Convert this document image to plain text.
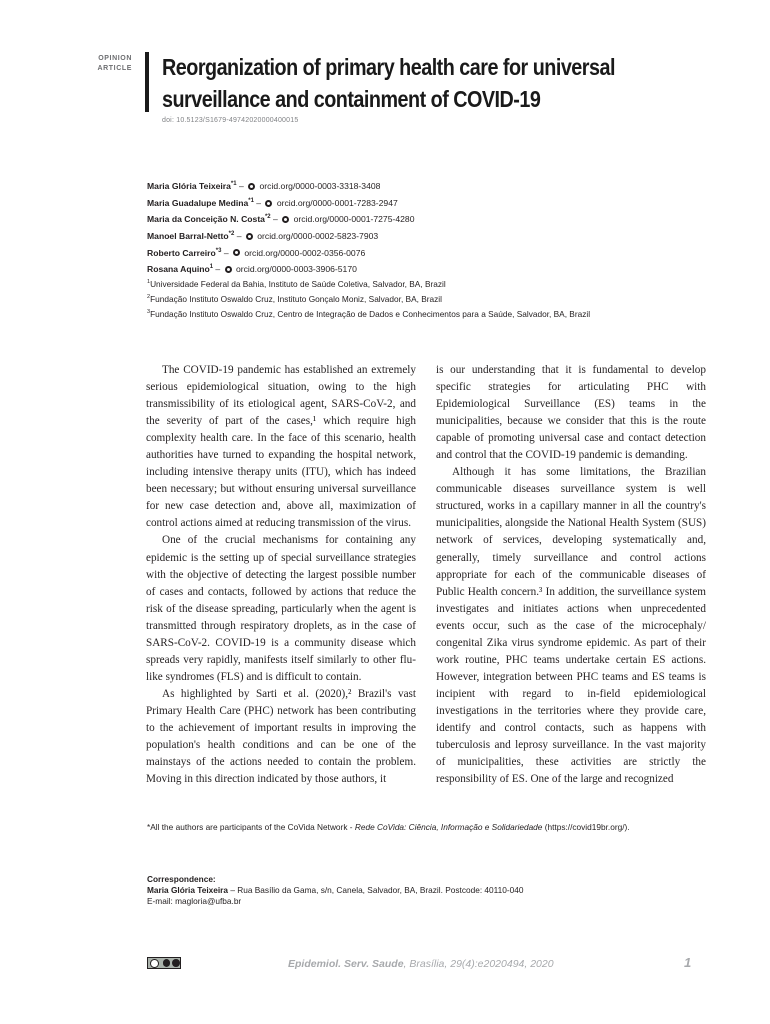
OPINION
ARTICLE Reorganization of primary health care for universal
surveillance and containment of COVID-19
doi: 10.5123/S1679-49742020000400015
Maria Glória Teixeira$^{*1}$ –  orcid.org/0000-0003-3318-3408
Maria Guadalupe Medina$^{*1}$ –  orcid.org/0000-0001-7283-2947
Maria da Conceição N. Costa$^{*2}$ –  orcid.org/0000-0001-7275-4280
Manoel Barral-Netto$^{*2}$ –  orcid.org/0000-0002-5823-7903
Roberto Carreiro$^{*3}$ –  orcid.org/0000-0002-0356-0076
Rosana Aquino$^1$ –  orcid.org/0000-0003-3906-5170
$^1$Universidade Federal da Bahia, Instituto de Saúde Coletiva, Salvador, BA, Brazil
$^2$Fundação Instituto Oswaldo Cruz, Instituto Gonçalo Moniz, Salvador, BA, Brazil
$^3$Fundação Instituto Oswaldo Cruz, Centro de Integração de Dados e Conhecimentos para a Saúde, Salvador, BA, Brazil

The COVID-19 pandemic has established an extremely serious epidemiological situation, owing to the high transmissibility of its etiological agent, SARS-CoV-2, and the severity of part of the cases,¹ which require high complexity health care. In the face of this scenario, health authorities have turned to expanding the hospital network, including intensive therapy units (ITU), which has indeed been necessary; but without ensuring universal surveillance for new case detection and, above all, maximization of control actions aimed at reducing transmission of the virus.

One of the crucial mechanisms for containing any epidemic is the setting up of special surveillance strategies with the objective of detecting the largest possible number of cases and contacts, followed by actions that reduce the risk of the disease spreading, particularly when the agent is transmitted through respiratory droplets, as in the case of SARS-CoV-2. COVID-19 is a community disease which spreads very rapidly, manifests itself similarly to other flu-like syndromes (FLS) and is difficult to contain.

As highlighted by Sarti et al. (2020),² Brazil's vast Primary Health Care (PHC) network has been contributing to the achievement of important results in improving the population's health conditions and can be one of the mainstays of the actions needed to contain the problem. Moving in this direction indicated by those authors, it

is our understanding that it is fundamental to develop specific strategies for articulating PHC with Epidemiological Surveillance (ES) teams in the municipalities, because we consider that this is the route capable of promoting universal case and contact detection and control that the COVID-19 pandemic is demanding.

Although it has some limitations, the Brazilian communicable diseases surveillance system is well structured, works in a capillary manner in all the country's municipalities, alongside the National Health System (SUS) network of services, developing systematically and, generally, timely surveillance and control actions appropriate for each of the communicable diseases of Public Health concern.³ In addition, the surveillance system investigates and initiates actions when unprecedented events occur, such as the case of the microcephaly/ congenital Zika virus syndrome epidemic. As part of their work routine, PHC teams undertake certain ES actions. However, integration between PHC teams and ES teams is incipient with regard to in-field epidemiological investigations in the territories where they provide care, identify and control contacts, such as happens with tuberculosis and leprosy surveillance. In the vast majority of municipalities, these activities are strictly the responsibility of ES. One of the large and recognized

*All the authors are participants of the CoVida Network - Rede CoVida: Ciência, Informação e Solidariedade (https://covid19br.org/).
Correspondence:
Maria Glória Teixeira – Rua Basílio da Gama, s/n, Canela, Salvador, BA, Brazil. Postcode: 40110-040
E-mail: magloria@ufba.br
Epidemiol. Serv. Saude, Brasília, 29(4):e2020494, 2020	1
